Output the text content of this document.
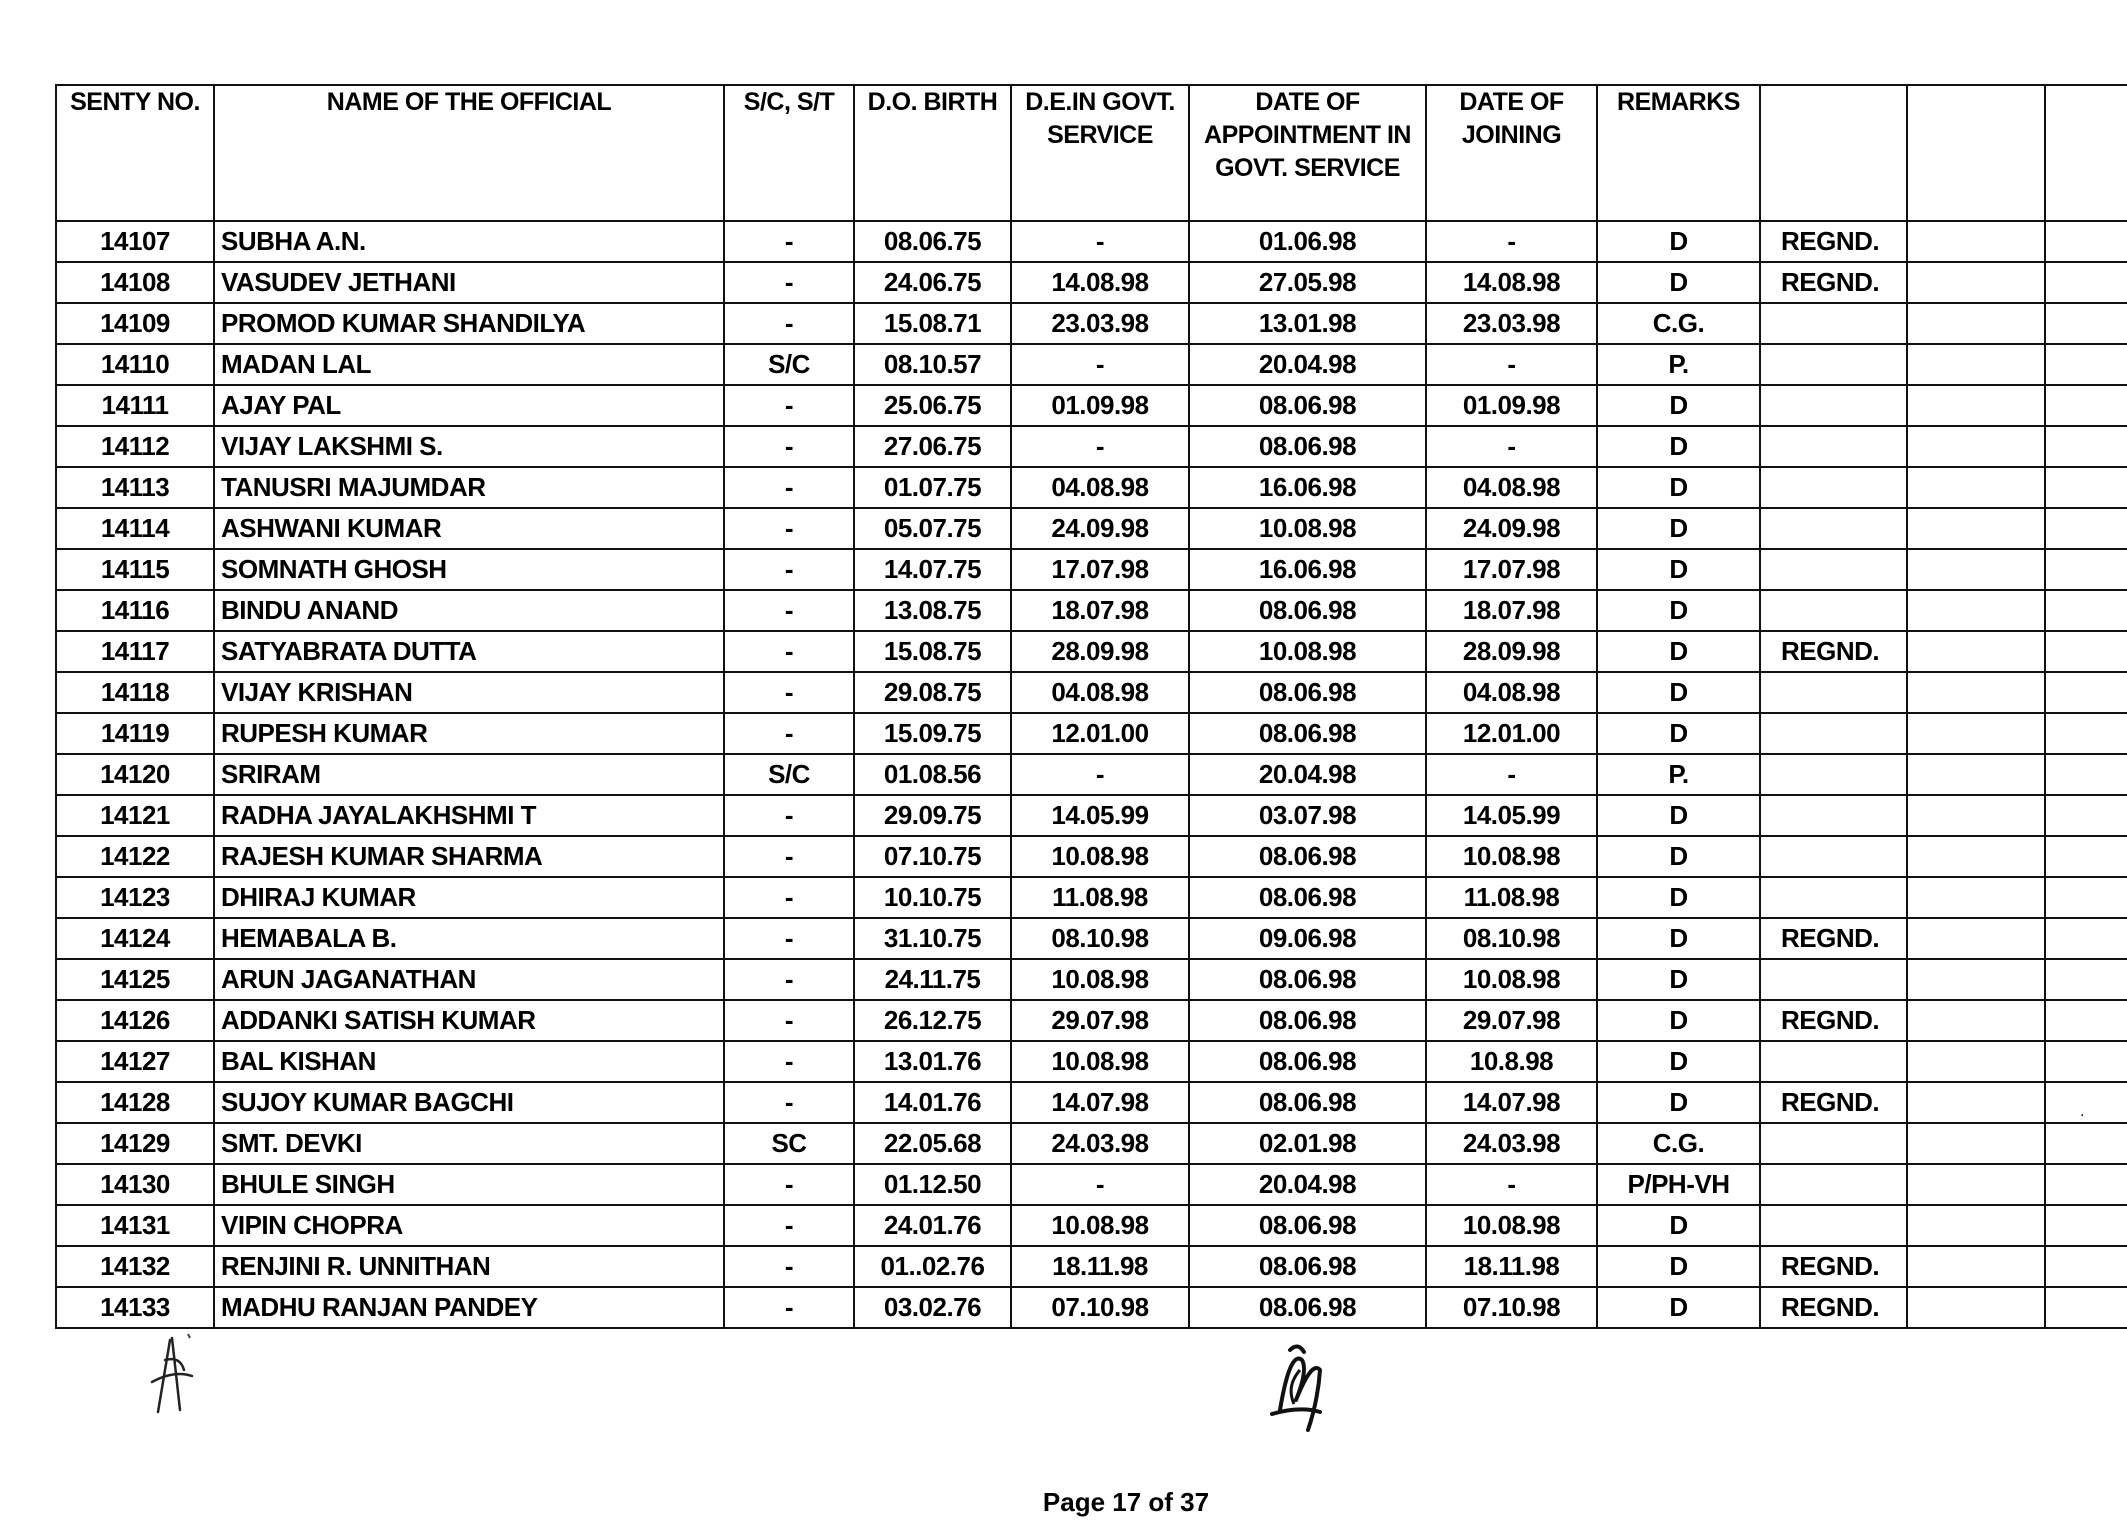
SENTY NO.	NAME OF THE OFFICIAL	S/C, S/T	D.O. BIRTH	D.E.IN GOVT. SERVICE	DATE OF APPOINTMENT IN GOVT. SERVICE	DATE OF JOINING	REMARKS			
14107	SUBHA A.N.	-	08.06.75	-	01.06.98	-	D	REGND.		
14108	VASUDEV JETHANI	-	24.06.75	14.08.98	27.05.98	14.08.98	D	REGND.		
14109	PROMOD KUMAR SHANDILYA	-	15.08.71	23.03.98	13.01.98	23.03.98	C.G.			
14110	MADAN LAL	S/C	08.10.57	-	20.04.98	-	P.			
14111	AJAY PAL	-	25.06.75	01.09.98	08.06.98	01.09.98	D			
14112	VIJAY LAKSHMI S.	-	27.06.75	-	08.06.98	-	D			
14113	TANUSRI MAJUMDAR	-	01.07.75	04.08.98	16.06.98	04.08.98	D			
14114	ASHWANI KUMAR	-	05.07.75	24.09.98	10.08.98	24.09.98	D			
14115	SOMNATH GHOSH	-	14.07.75	17.07.98	16.06.98	17.07.98	D			
14116	BINDU ANAND	-	13.08.75	18.07.98	08.06.98	18.07.98	D			
14117	SATYABRATA DUTTA	-	15.08.75	28.09.98	10.08.98	28.09.98	D	REGND.		
14118	VIJAY KRISHAN	-	29.08.75	04.08.98	08.06.98	04.08.98	D			
14119	RUPESH KUMAR	-	15.09.75	12.01.00	08.06.98	12.01.00	D			
14120	SRIRAM	S/C	01.08.56	-	20.04.98	-	P.			
14121	RADHA JAYALAKHSHMI T	-	29.09.75	14.05.99	03.07.98	14.05.99	D			
14122	RAJESH KUMAR SHARMA	-	07.10.75	10.08.98	08.06.98	10.08.98	D			
14123	DHIRAJ KUMAR	-	10.10.75	11.08.98	08.06.98	11.08.98	D			
14124	HEMABALA B.	-	31.10.75	08.10.98	09.06.98	08.10.98	D	REGND.		
14125	ARUN JAGANATHAN	-	24.11.75	10.08.98	08.06.98	10.08.98	D			
14126	ADDANKI SATISH KUMAR	-	26.12.75	29.07.98	08.06.98	29.07.98	D	REGND.		
14127	BAL KISHAN	-	13.01.76	10.08.98	08.06.98	10.8.98	D			
14128	SUJOY KUMAR BAGCHI	-	14.01.76	14.07.98	08.06.98	14.07.98	D	REGND.		
14129	SMT. DEVKI	SC	22.05.68	24.03.98	02.01.98	24.03.98	C.G.			
14130	BHULE SINGH	-	01.12.50	-	20.04.98	-	P/PH-VH			
14131	VIPIN CHOPRA	-	24.01.76	10.08.98	08.06.98	10.08.98	D			
14132	RENJINI R. UNNITHAN	-	01..02.76	18.11.98	08.06.98	18.11.98	D	REGND.		
14133	MADHU RANJAN PANDEY	-	03.02.76	07.10.98	08.06.98	07.10.98	D	REGND.		
·
Page 17 of 37
